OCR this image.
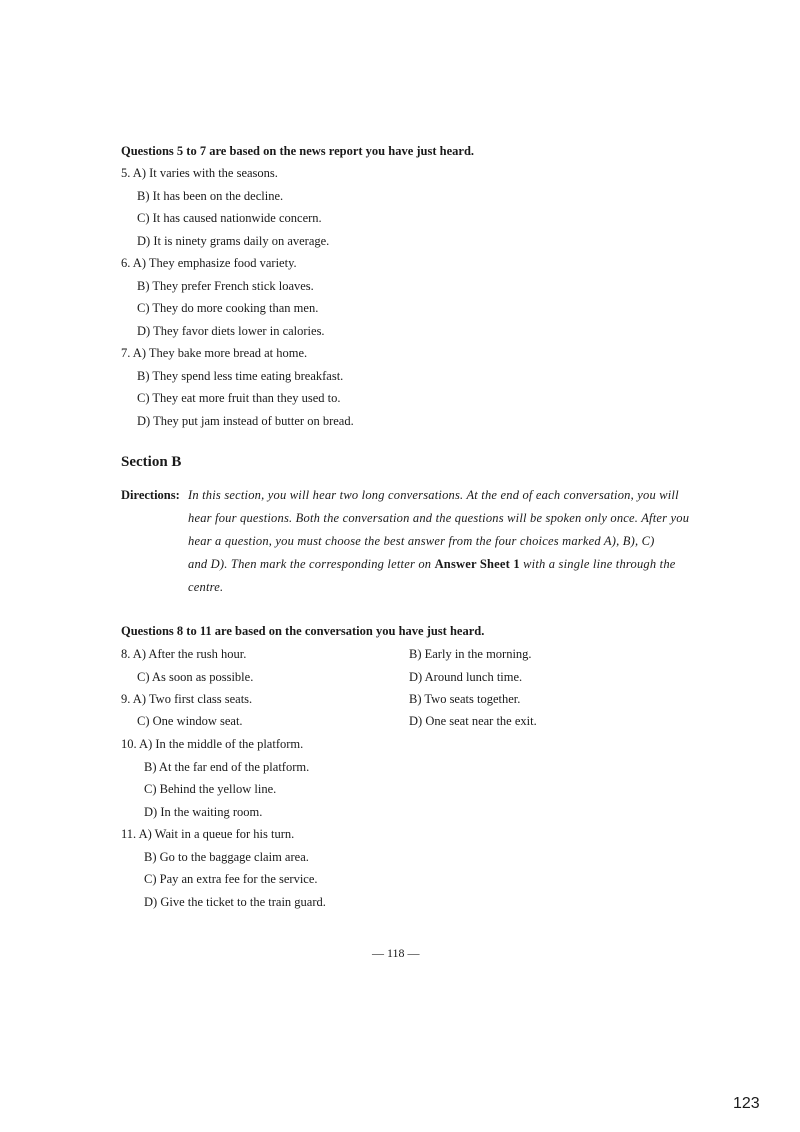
Questions 5 to 7 are based on the news report you have just heard.
5. A) It varies with the seasons.
B) It has been on the decline.
C) It has caused nationwide concern.
D) It is ninety grams daily on average.
6. A) They emphasize food variety.
B) They prefer French stick loaves.
C) They do more cooking than men.
D) They favor diets lower in calories.
7. A) They bake more bread at home.
B) They spend less time eating breakfast.
C) They eat more fruit than they used to.
D) They put jam instead of butter on bread.
Section B
Directions: In this section, you will hear two long conversations. At the end of each conversation, you will
hear four questions. Both the conversation and the questions will be spoken only once. After you
hear a question, you must choose the best answer from the four choices marked A), B), C)
and D). Then mark the corresponding letter on Answer Sheet 1 with a single line through the
centre.
Questions 8 to 11 are based on the conversation you have just heard.
8. A) After the rush hour.	B) Early in the morning.
C) As soon as possible.	D) Around lunch time.
9. A) Two first class seats.	B) Two seats together.
C) One window seat.	D) One seat near the exit.
10. A) In the middle of the platform.
B) At the far end of the platform.
C) Behind the yellow line.
D) In the waiting room.
11. A) Wait in a queue for his turn.
B) Go to the baggage claim area.
C) Pay an extra fee for the service.
D) Give the ticket to the train guard.
— 118 —
123
